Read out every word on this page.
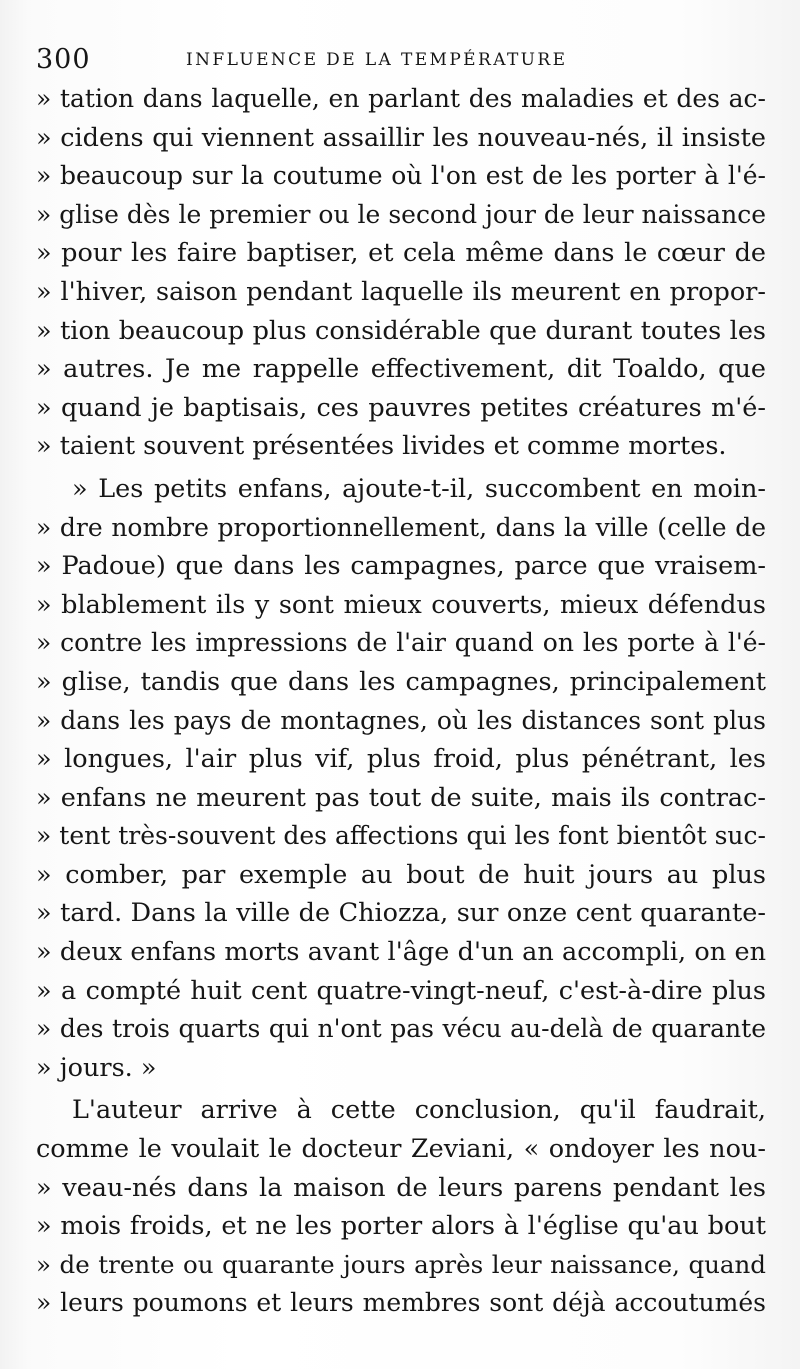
300	INFLUENCE DE LA TEMPÉRATURE
» tation dans laquelle, en parlant des maladies et des ac-
» cidens qui viennent assaillir les nouveau-nés, il insiste
» beaucoup sur la coutume où l'on est de les porter à l'é-
» glise dès le premier ou le second jour de leur naissance
» pour les faire baptiser, et cela même dans le cœur de
» l'hiver, saison pendant laquelle ils meurent en propor-
» tion beaucoup plus considérable que durant toutes les
» autres. Je me rappelle effectivement, dit Toaldo, que
» quand je baptisais, ces pauvres petites créatures m'é-
» taient souvent présentées livides et comme mortes.
» Les petits enfans, ajoute-t-il, succombent en moin-
» dre nombre proportionnellement, dans la ville (celle de
» Padoue) que dans les campagnes, parce que vraisem-
» blablement ils y sont mieux couverts, mieux défendus
» contre les impressions de l'air quand on les porte à l'é-
» glise, tandis que dans les campagnes, principalement
» dans les pays de montagnes, où les distances sont plus
» longues, l'air plus vif, plus froid, plus pénétrant, les
» enfans ne meurent pas tout de suite, mais ils contrac-
» tent très-souvent des affections qui les font bientôt suc-
» comber, par exemple au bout de huit jours au plus
» tard. Dans la ville de Chiozza, sur onze cent quarante-
» deux enfans morts avant l'âge d'un an accompli, on en
» a compté huit cent quatre-vingt-neuf, c'est-à-dire plus
» des trois quarts qui n'ont pas vécu au-delà de quarante
» jours. »
L'auteur arrive à cette conclusion, qu'il faudrait,
comme le voulait le docteur Zeviani, « ondoyer les nou-
» veau-nés dans la maison de leurs parens pendant les
» mois froids, et ne les porter alors à l'église qu'au bout
» de trente ou quarante jours après leur naissance, quand
» leurs poumons et leurs membres sont déjà accoutumés
